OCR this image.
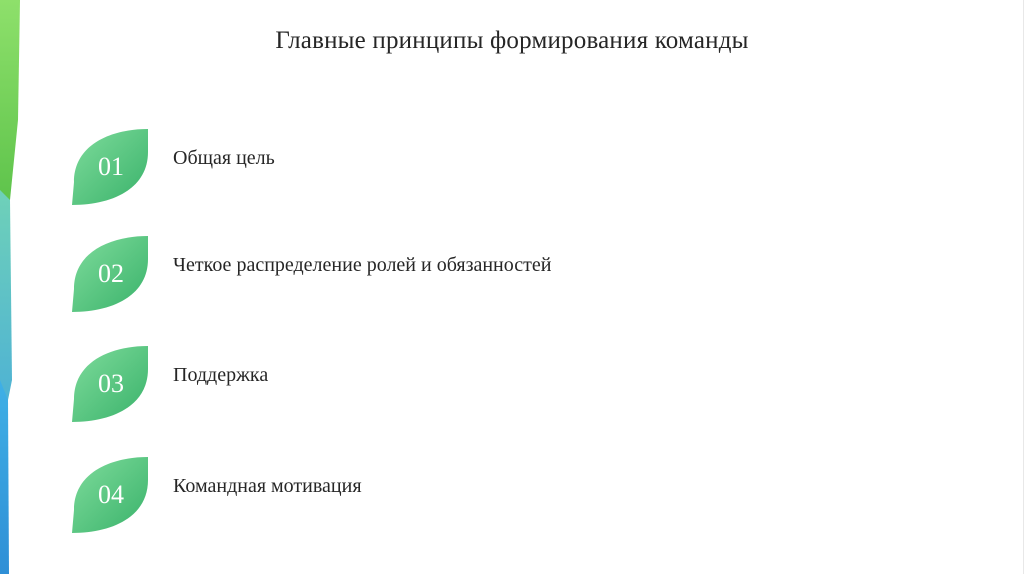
Главные принципы формирования команды
01	Общая цель
02	Четкое распределение ролей и обязанностей
03	Поддержка
04	Командная мотивация
